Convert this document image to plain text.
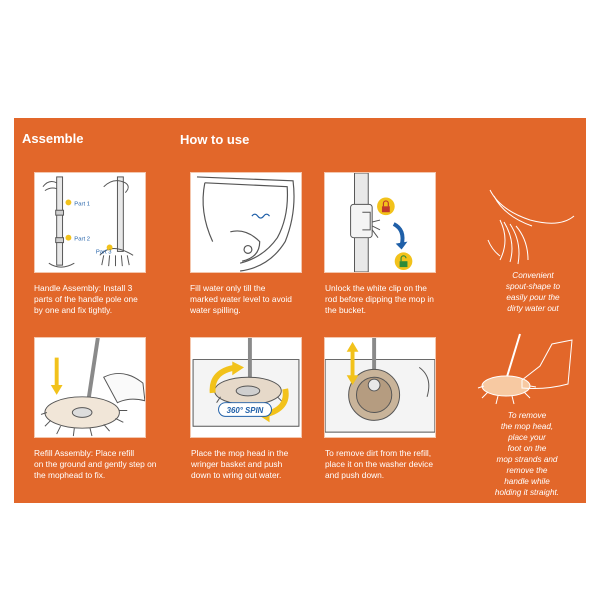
Assemble	How to use
Part 1
Part 2
Part 3
Handle Assembly: Install 3
parts of the handle pole one
by one and fix tightly.
Fill water only till the
marked water level to avoid
water spilling.
Unlock the white clip on the
rod before dipping the mop in
the bucket.
Refill Assembly: Place refill
on the ground and gently step on
the mophead to fix.
360° SPIN
Place the mop head in the
wringer basket and push
down to wring out water.
To remove dirt from the refill,
place it on the washer device
and push down.
Convenient
spout-shape to
easily pour the
dirty water out
To remove
the mop head,
place your
foot on the
mop strands and
remove the
handle while
holding it straight.
